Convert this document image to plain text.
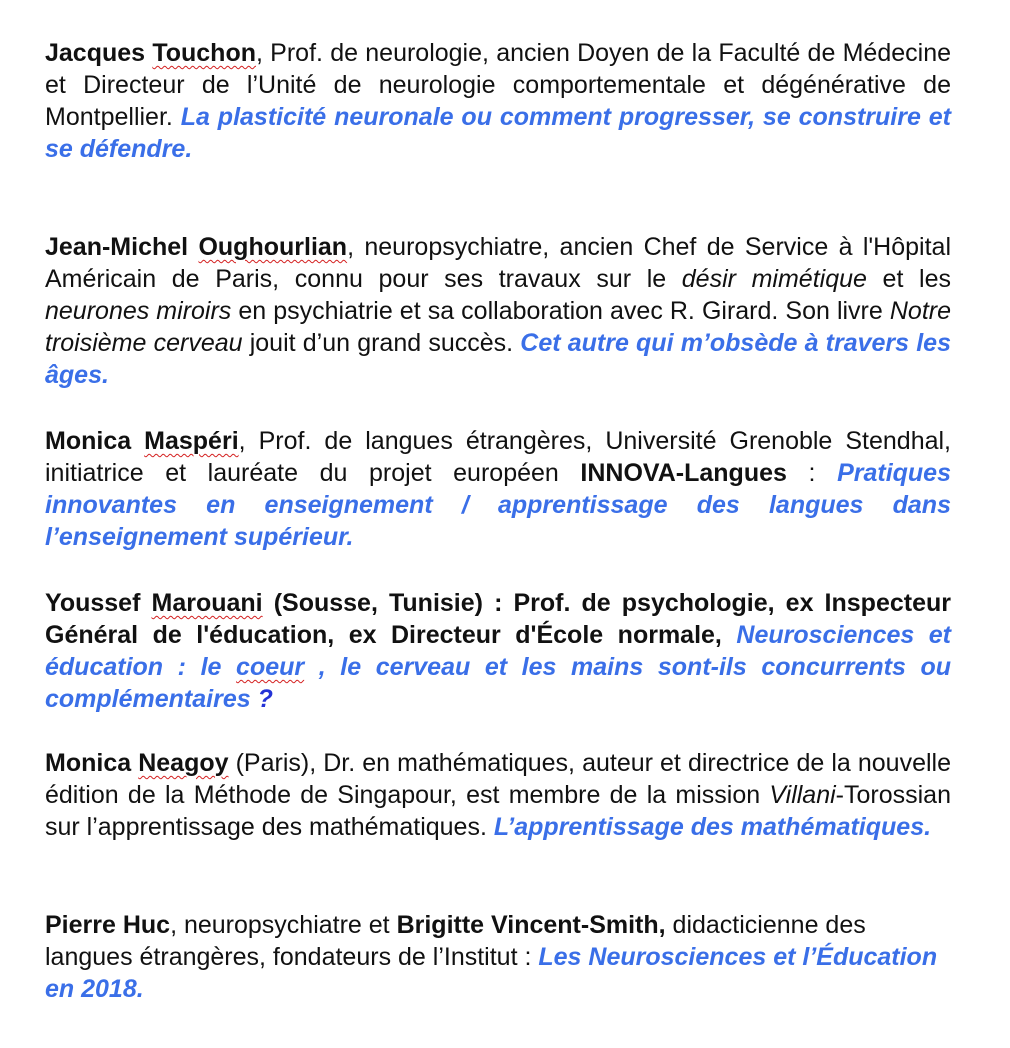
Jacques Touchon, Prof. de neurologie, ancien Doyen de la Faculté de Médecine et Directeur de l’Unité de neurologie comportementale et dégénérative de Montpellier. La plasticité neuronale ou comment progresser, se construire et se défendre.

Jean-Michel Oughourlian, neuropsychiatre, ancien Chef de Service à l'Hôpital Américain de Paris, connu pour ses travaux sur le désir mimétique et les neurones miroirs en psychiatrie et sa collaboration avec R. Girard. Son livre Notre troisième cerveau jouit d’un grand succès. Cet autre qui m’obsède à travers les âges.

Monica Maspéri, Prof. de langues étrangères, Université Grenoble Stendhal, initiatrice et lauréate du projet européen INNOVA-Langues : Pratiques innovantes en enseignement / apprentissage des langues dans l’enseignement supérieur.

Youssef Marouani (Sousse, Tunisie) : Prof. de psychologie, ex Inspecteur Général de l'éducation, ex Directeur d'École normale, Neurosciences et éducation : le coeur , le cerveau et les mains sont-ils concurrents ou complémentaires ?

Monica Neagoy (Paris), Dr. en mathématiques, auteur et directrice de la nouvelle édition de la Méthode de Singapour, est membre de la mission Villani-Torossian sur l’apprentissage des mathématiques. L’apprentissage des mathématiques.

Pierre Huc, neuropsychiatre et Brigitte Vincent-Smith, didacticienne des langues étrangères, fondateurs de l’Institut : Les Neurosciences et l’Éducation en 2018.
